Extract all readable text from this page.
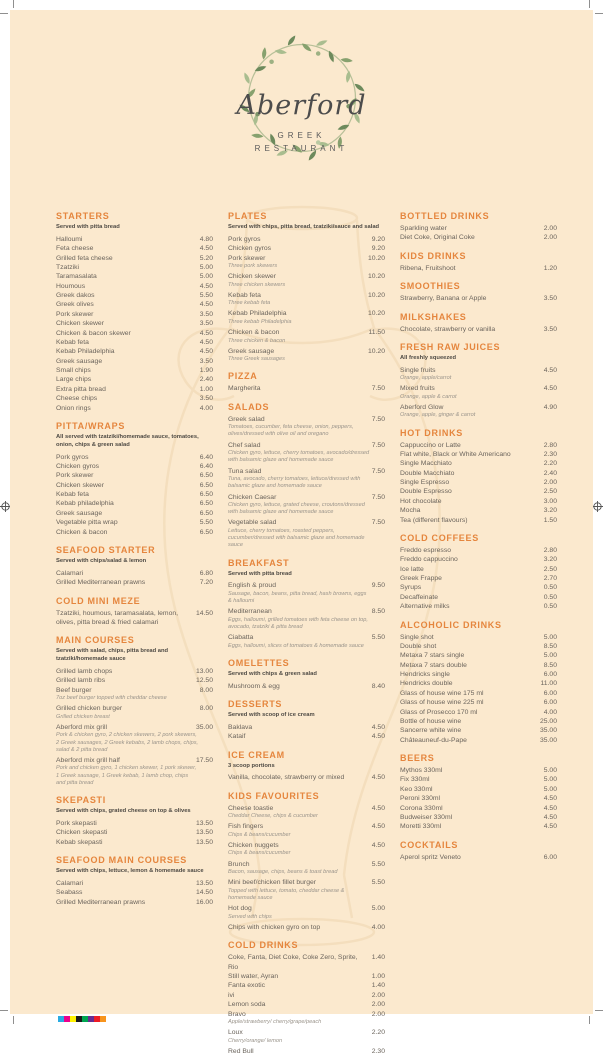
Aberford
GREEK
RESTAURANT
STARTERS

Served with pitta bread

Halloumi	4.80
Feta cheese	4.50
Grilled feta cheese	5.20
Tzatziki	5.00
Taramasalata	5.00
Houmous	4.50
Greek dakos	5.50
Greek olives	4.50
Pork skewer	3.50
Chicken skewer	3.50
Chicken & bacon skewer	4.50
Kebab feta	4.50
Kebab Philadelphia	4.50
Greek sausage	3.50
Small chips	1.90
Large chips	2.40
Extra pitta bread	1.00
Cheese chips	3.50
Onion rings	4.00
PITTA/WRAPS

All served with tzatziki/homemade sauce, tomatoes, onion, chips & green salad

Pork gyros	6.40
Chicken gyros	6.40
Pork skewer	6.50
Chicken skewer	6.50
Kebab feta	6.50
Kebab philadelphia	6.50
Greek sausage	6.50
Vegetable pitta wrap	5.50
Chicken & bacon	6.50
SEAFOOD STARTER

Served with chips/salad & lemon

Calamari	6.80
Grilled Mediterranean prawns	7.20
COLD MINI MEZE
Tzatziki, houmous, taramasalata, lemon, olives, pitta bread & fried calamari
14.50
MAIN COURSES

Served with salad, chips, pitta bread and tzatziki/homemade sauce

Grilled lamb chops	13.00
Grilled lamb ribs	12.50
Beef burger	8.00
7oz beef burger topped with cheddar cheese
Grilled chicken burger	8.00
Grilled chicken breast
Aberford mix grill	35.00
Pork & chicken gyro, 2 chicken skewers, 2 pork skewers, 2 Greek sausages, 2 Greek kebabs, 2 lamb chops, chips, salad & 2 pitta bread
Aberford mix grill half	17.50
Pork and chicken gyro, 1 chicken skewer, 1 pork skewer, 1 Greek sausage, 1 Greek kebab, 1 lamb chop, chips and pitta bread
SKEPASTI

Served with chips, grated cheese on top & olives

Pork skepasti	13.50
Chicken skepasti	13.50
Kebab skepasti	13.50
SEAFOOD MAIN COURSES

Served with chips, lettuce, lemon & homemade sauce

Calamari	13.50
Seabass	14.50
Grilled Mediterranean prawns	16.00
PLATES

Served with chips, pitta bread, tzatziki/sauce and salad

Pork gyros	9.20
Chicken gyros	9.20
Pork skewer	10.20
Three pork skewers
Chicken skewer	10.20
Three chicken skewers
Kebab feta	10.20
Three kebab feta
Kebab Philadelphia	10.20
Three kebab Philadelphia
Chicken & bacon	11.50
Three chicken & bacon
Greek sausage	10.20
Three Greek sausages
PIZZA
Margherita	7.50
SALADS
Greek salad	7.50
Tomatoes, cucumber, feta cheese, onion, peppers, olives/dressed with olive oil and oregano
Chef salad	7.50
Chicken gyro, lettuce, cherry tomatoes, avocado/dressed with balsamic glaze and homemade sauce
Tuna salad	7.50
Tuna, avocado, cherry tomatoes, lettuce/dressed with balsamic glaze and homemade sauce
Chicken Caesar	7.50
Chicken gyro, lettuce, grated cheese, croutons/dressed with balsamic glaze and homemade sauce
Vegetable salad	7.50
Lettuce, cherry tomatoes, roasted peppers, cucumber/dressed with balsamic glaze and homemade sauce
BREAKFAST

Served with pitta bread

English & proud	9.50
Sausage, bacon, beans, pitta bread, hash browns, eggs & halloumi
Mediterranean	8.50
Eggs, halloumi, grilled tomatoes with feta cheese on top, avocado, tzatziki & pitta bread
Ciabatta	5.50
Eggs, halloumi, slices of tomatoes & homemade sauce
OMELETTES

Served with chips & green salad

Mushroom & egg	8.40
DESSERTS

Served with scoop of ice cream

Baklava	4.50
Kataif	4.50
ICE CREAM

3 scoop portions

Vanilla, chocolate, strawberry or mixed	4.50
KIDS FAVOURITES
Cheese toastie	4.50
Cheddar Cheese, chips & cucumber
Fish fingers	4.50
Chips & beans/cucumber
Chicken nuggets	4.50
Chips & beans/cucumber
Brunch	5.50
Bacon, sausage, chips, beans & toast bread
Mini beef/chicken fillet burger	5.50
Topped with lettuce, tomato, cheddar cheese & homemade sauce
Hot dog	5.00
Served with chips
Chips with chicken gyro on top	4.00
COLD DRINKS
Coke, Fanta, Diet Coke, Coke Zero, Sprite, Rio
1.40
Still water, Ayran	1.00
Fanta exotic	1.40
ivi	2.00
Lemon soda	2.00
Bravo	2.00
Apple/strawberry/ cherry/grape/peach
Loux	2.20
Cherry/orange/ lemon
Red Bull	2.30
BOTTLED DRINKS
Sparkling water	2.00
Diet Coke, Original Coke	2.00
KIDS DRINKS
Ribena, Fruitshoot	1.20
SMOOTHIES
Strawberry, Banana or Apple	3.50
MILKSHAKES
Chocolate, strawberry or vanilla	3.50
FRESH RAW JUICES

All freshly squeezed

Single fruits	4.50
Orange, apple/carrot
Mixed fruits	4.50
Orange, apple & carrot
Aberford Glow	4.90
Orange, apple, ginger & carrot
HOT DRINKS
Cappuccino or Latte	2.80
Flat white, Black or White Americano	2.30
Single Macchiato	2.20
Double Macchiato	2.40
Single Espresso	2.00
Double Espresso	2.50
Hot chocolate	3.00
Mocha	3.20
Tea (different flavours)	1.50
COLD COFFEES
Freddo espresso	2.80
Freddo cappuccino	3.20
Ice latte	2.50
Greek Frappe	2.70
Syrups	0.50
Decaffeinate	0.50
Alternative milks	0.50
ALCOHOLIC DRINKS
Single shot	5.00
Double shot	8.50
Metaxa 7 stars single	5.00
Metaxa 7 stars double	8.50
Hendricks single	6.00
Hendricks double	11.00
Glass of house wine 175 ml	6.00
Glass of house wine 225 ml	6.00
Glass of Prosecco 170 ml	4.00
Bottle of house wine	25.00
Sancerre white wine	35.00
Châteauneuf-du-Pape	35.00
BEERS
Mythos 330ml	5.00
Fix 330ml	5.00
Keo 330ml	5.00
Peroni 330ml	4.50
Corona 330ml	4.50
Budweiser 330ml	4.50
Moretti 330ml	4.50
COCKTAILS
Aperol spritz Veneto	6.00
